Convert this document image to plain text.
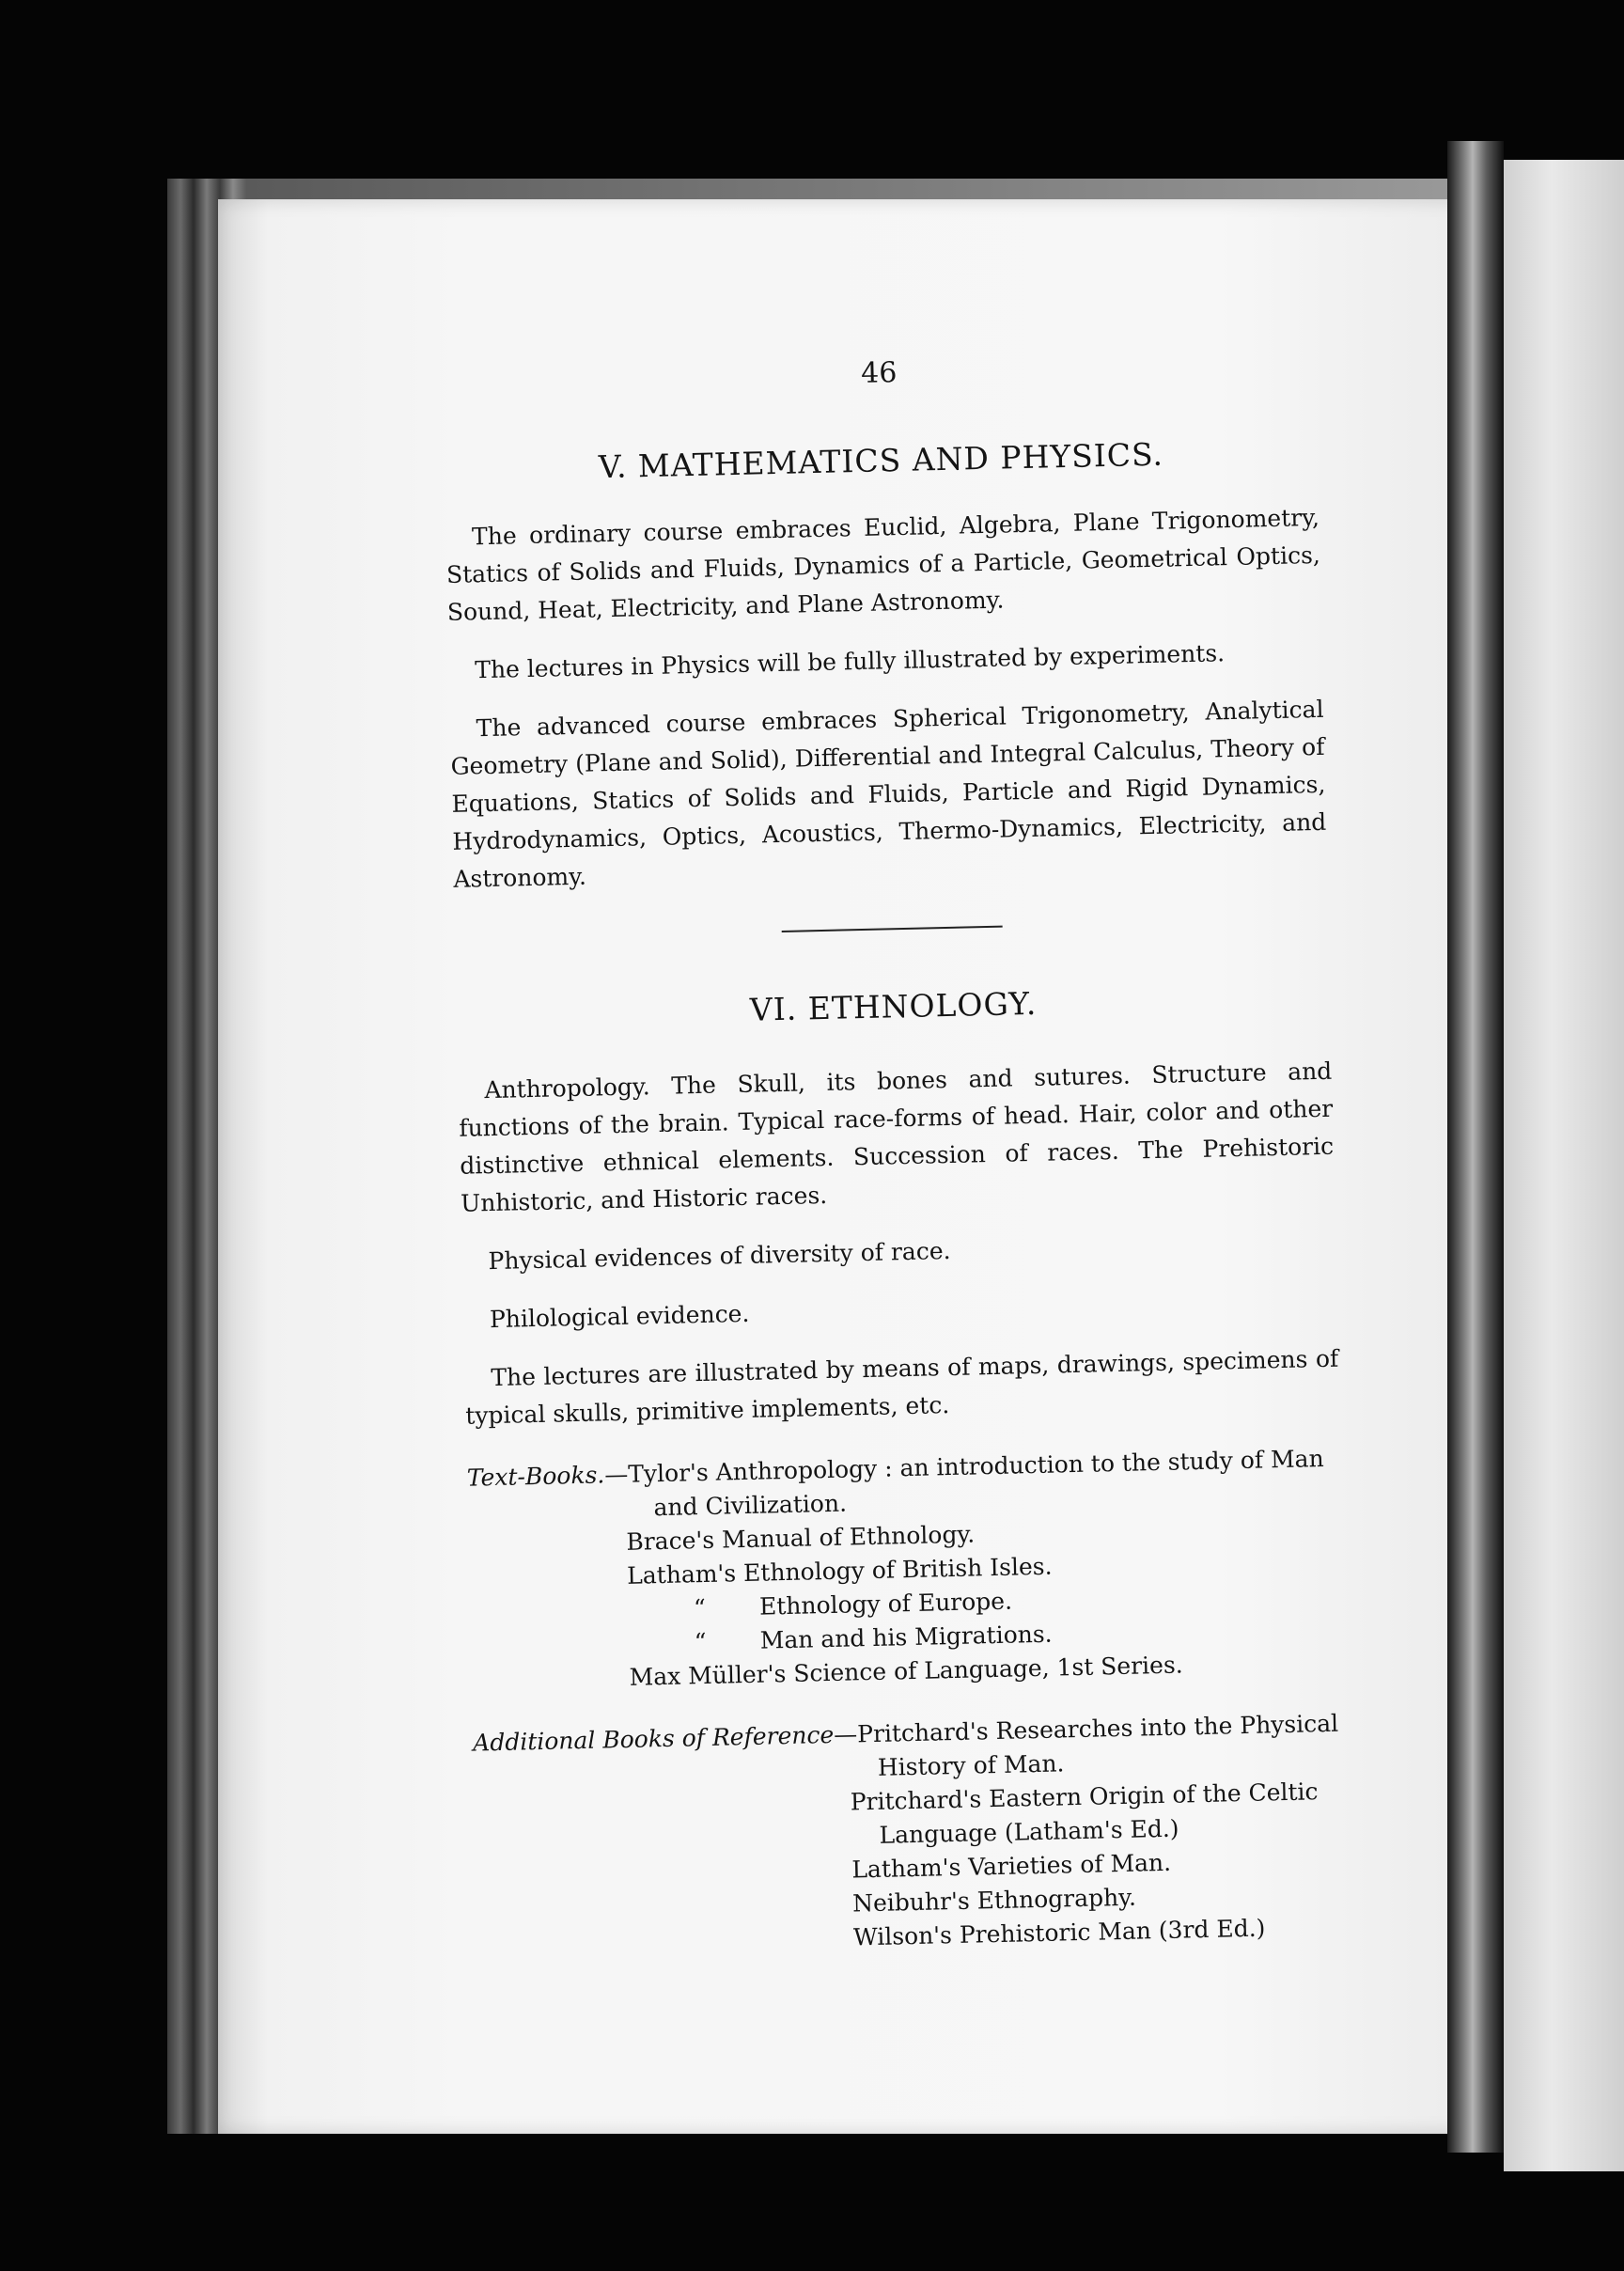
46
V. MATHEMATICS AND PHYSICS.

The ordinary course embraces Euclid, Algebra, Plane Trigonometry, Statics of Solids and Fluids, Dynamics of a Particle, Geometrical Optics, Sound, Heat, Electricity, and Plane Astronomy.

The lectures in Physics will be fully illustrated by experiments.

The advanced course embraces Spherical Trigonometry, Analytical Geometry (Plane and Solid), Differential and Integral Calculus, Theory of Equations, Statics of Solids and Fluids, Particle and Rigid Dynamics, Hydrodynamics, Optics, Acoustics, Thermo-Dynamics, Electricity, and Astronomy.

VI. ETHNOLOGY.

Anthropology. The Skull, its bones and sutures. Structure and functions of the brain. Typical race-forms of head. Hair, color and other distinctive ethnical elements. Succession of races. The Prehistoric Unhistoric, and Historic races.

Physical evidences of diversity of race.

Philological evidence.

The lectures are illustrated by means of maps, drawings, specimens of typical skulls, primitive implements, etc.

Text-Books.—Tylor's Anthropology : an introduction to the study of Man
and Civilization.
Brace's Manual of Ethnology.
Latham's Ethnology of British Isles.
“ Ethnology of Europe.
“ Man and his Migrations.
Max Müller's Science of Language, 1st Series.
Additional Books of Reference—Pritchard's Researches into the Physical
History of Man.
Pritchard's Eastern Origin of the Celtic
Language (Latham's Ed.)
Latham's Varieties of Man.
Neibuhr's Ethnography.
Wilson's Prehistoric Man (3rd Ed.)
